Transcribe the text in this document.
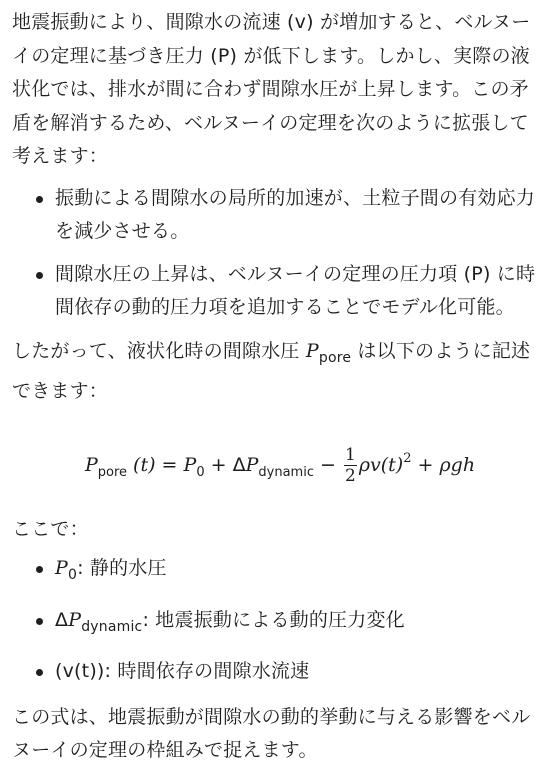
地震振動により、間隙水の流速 (v) が増加すると、ベルヌーイの定理に基づき圧力 (P) が低下します。しかし、実際の液状化では、排水が間に合わず間隙水圧が上昇します。この矛盾を解消するため、ベルヌーイの定理を次のように拡張して考えます：

振動による間隙水の局所的加速が、土粒子間の有効応力を減少させる。
間隙水圧の上昇は、ベルヌーイの定理の圧力項 (P) に時間依存の動的圧力項を追加することでモデル化可能。

したがって、液状化時の間隙水圧 $P_{pore}$ は以下のように記述できます：

$P_{pore}$ $(t) = P_0 + \Delta P_{dynamic} - \frac{1}{2} \rho v(t)^2 + \rho gh$

ここで：

$P_0$: 静的水圧
$\Delta P_{dynamic}$: 地震振動による動的圧力変化
(v(t)): 時間依存の間隙水流速

この式は、地震振動が間隙水の動的挙動に与える影響をベルヌーイの定理の枠組みで捉えます。
